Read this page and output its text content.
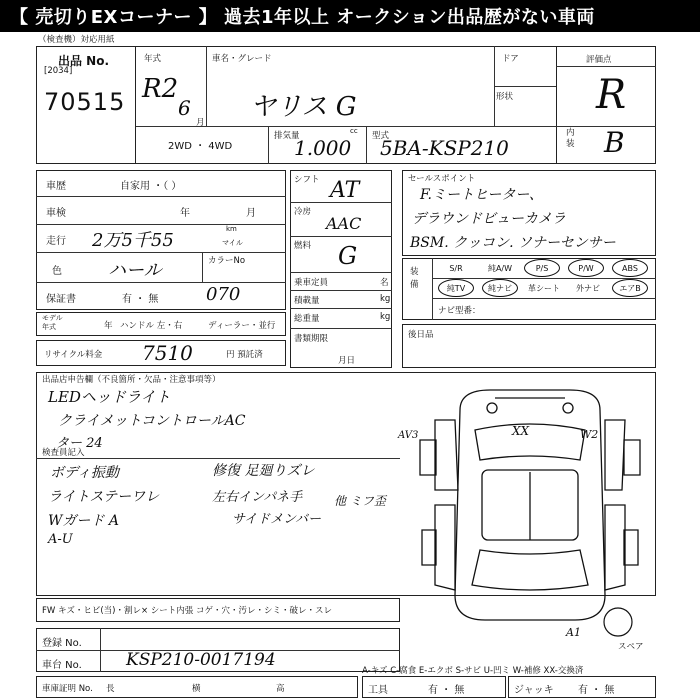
【 売切りEXコーナー 】 過去1年以上 オークション出品歴がない車両
（検査機）対応用紙
出品 No.
[2034]
70515
年式
R2
6
月
車名・グレード
ヤリス G
ドア
形状
評価点
R
内装 B
2WD ・ 4WD
排気量	cc
1.000 型式
5BA-KSP210
車歴	自家用 ・（ ）
車検	年	月
走行 2万5千55
km
マイル
色	ハール	カラーNo
保証書	有 ・ 無	070
モデル年式	年 ハンドル 左・右	ディーラー・並行
リサイクル料金 7510	円 預託済
シフト AT
冷房
AAC
燃料 G
乗車定員	名
積載量	kg
総重量	kg
書類期限
月日
セールスポイント
F.ミートヒーター、
デラウンドビューカメラ
BSM. クッコン. ソナーセンサー
装備
S/R	純A/W	P/S	P/W	ABS
純TV	純ナビ	革シート	外ナビ	エアB
ナビ型番：
後日品
出品店申告欄（不良箇所・欠品・注意事項等）
LEDヘッドライト
クライメットコントロールAC
ター 24
検査員記入
ボディ振動
ライトステーワレ
Wガード A
A-U
修復 足廻りズレ
左右インパネ手
サイドメンバー
他 ミフ歪
AV3	XX	W2
A1
スペア
FW キズ・ヒビ(当)・割レ× シート内張 コゲ・穴・汚レ・シミ・破レ・スレ
登録 No.
車台 No.	KSP210-0017194
A-キズ C-腐食 E-エクボ S-サビ U-凹ミ W-補修 XX-交換済
車庫証明 No. 長	横	高	工具	有 ・ 無	ジャッキ 有 ・ 無
